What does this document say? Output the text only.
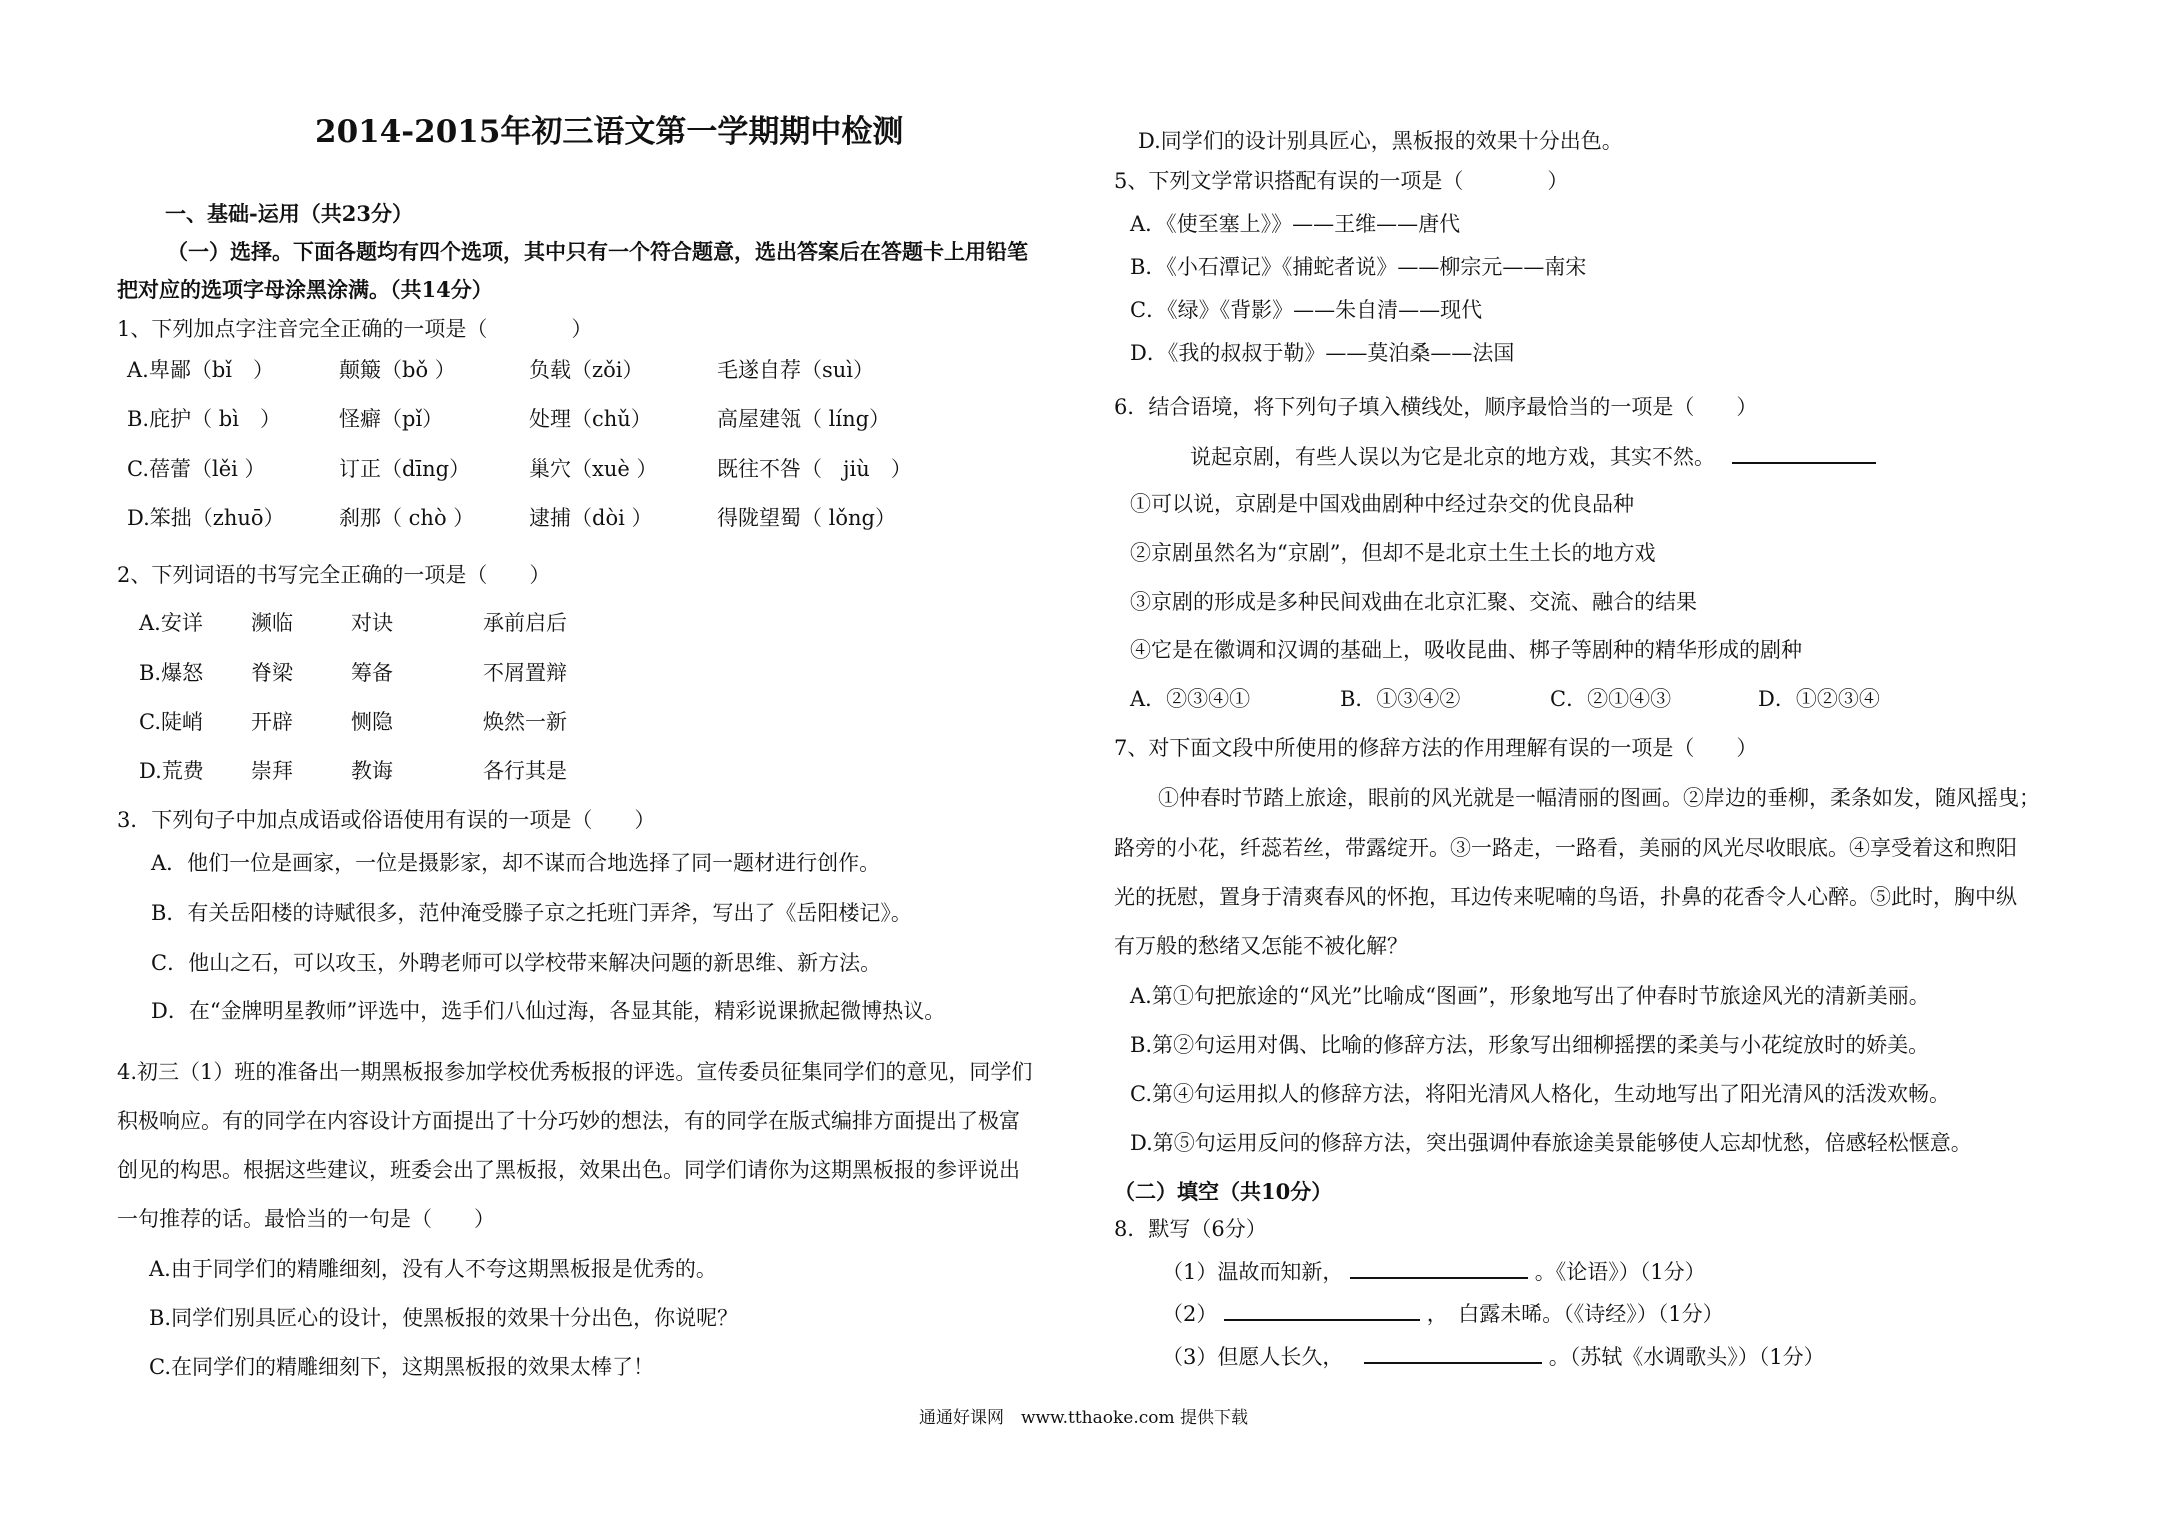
2014-2015年初三语文第一学期期中检测
一、基础-运用（共23分）
（一）选择。下面各题均有四个选项，其中只有一个符合题意，选出答案后在答题卡上用铅笔
把对应的选项字母涂黑涂满。（共14分）
1、下列加点字注音完全正确的一项是（　　　　）
A.卑鄙（bǐ　）	颠簸（bǒ ）	负载（zǒi）	毛遂自荐（suì）
B.庇护（ bì　）	怪癖（pǐ）	处理（chǔ）	高屋建瓴（ líng）
C.蓓蕾（lěi ）	订正（dīng）	巢穴（xuè ）	既往不咎（　jiù　）
D.笨拙（zhuō）	刹那（ chò ）	逮捕（dòi ）	得陇望蜀（ lǒng）
2、下列词语的书写完全正确的一项是（　　）
A.安详 濒临	对诀	承前启后
B.爆怒 脊梁	筹备	不屑置辩
C.陡峭 开辟	恻隐	焕然一新
D.荒费 崇拜	教诲	各行其是
3．下列句子中加点成语或俗语使用有误的一项是（　　）
A．他们一位是画家，一位是摄影家，却不谋而合地选择了同一题材进行创作。
B．有关岳阳楼的诗赋很多，范仲淹受滕子京之托班门弄斧，写出了《岳阳楼记》。
C．他山之石，可以攻玉，外聘老师可以学校带来解决问题的新思维、新方法。
D．在“金牌明星教师”评选中，选手们八仙过海，各显其能，精彩说课掀起微博热议。
4.初三（1）班的准备出一期黑板报参加学校优秀板报的评选。宣传委员征集同学们的意见，同学们
积极响应。有的同学在内容设计方面提出了十分巧妙的想法，有的同学在版式编排方面提出了极富
创见的构思。根据这些建议，班委会出了黑板报，效果出色。同学们请你为这期黑板报的参评说出
一句推荐的话。最恰当的一句是（　　）
A.由于同学们的精雕细刻，没有人不夸这期黑板报是优秀的。
B.同学们别具匠心的设计，使黑板报的效果十分出色，你说呢？
C.在同学们的精雕细刻下，这期黑板报的效果太棒了！
D.同学们的设计别具匠心，黑板报的效果十分出色。
5、下列文学常识搭配有误的一项是（　　　　）
A．《使至塞上》》——王维——唐代
B．《小石潭记》《捕蛇者说》——柳宗元——南宋
C．《绿》《背影》——朱自清——现代
D．《我的叔叔于勒》——莫泊桑——法国
6．结合语境，将下列句子填入横线处，顺序最恰当的一项是（　　）
说起京剧，有些人误以为它是北京的地方戏，其实不然。
①可以说，京剧是中国戏曲剧种中经过杂交的优良品种
②京剧虽然名为“京剧”，但却不是北京土生土长的地方戏
③京剧的形成是多种民间戏曲在北京汇聚、交流、融合的结果
④它是在徽调和汉调的基础上，吸收昆曲、梆子等剧种的精华形成的剧种
A．②③④①	B．①③④②	C．②①④③	D．①②③④
7、对下面文段中所使用的修辞方法的作用理解有误的一项是（　　）
①仲春时节踏上旅途，眼前的风光就是一幅清丽的图画。②岸边的垂柳，柔条如发，随风摇曳；
路旁的小花，纤蕊若丝，带露绽开。③一路走，一路看，美丽的风光尽收眼底。④享受着这和煦阳
光的抚慰，置身于清爽春风的怀抱，耳边传来呢喃的鸟语，扑鼻的花香令人心醉。⑤此时，胸中纵
有万般的愁绪又怎能不被化解？
A.第①句把旅途的“风光”比喻成“图画”，形象地写出了仲春时节旅途风光的清新美丽。
B.第②句运用对偶、比喻的修辞方法，形象写出细柳摇摆的柔美与小花绽放时的娇美。
C.第④句运用拟人的修辞方法，将阳光清风人格化，生动地写出了阳光清风的活泼欢畅。
D.第⑤句运用反问的修辞方法，突出强调仲春旅途美景能够使人忘却忧愁，倍感轻松惬意。
（二）填空（共10分）
8．默写（6分）
（1）温故而知新，	。《论语》）（1分）
（2）	，　白露未晞。（《诗经》）（1分）
（3）但愿人长久，	。（苏轼《水调歌头》）（1分）
通通好课网　www.tthaoke.com 提供下载
